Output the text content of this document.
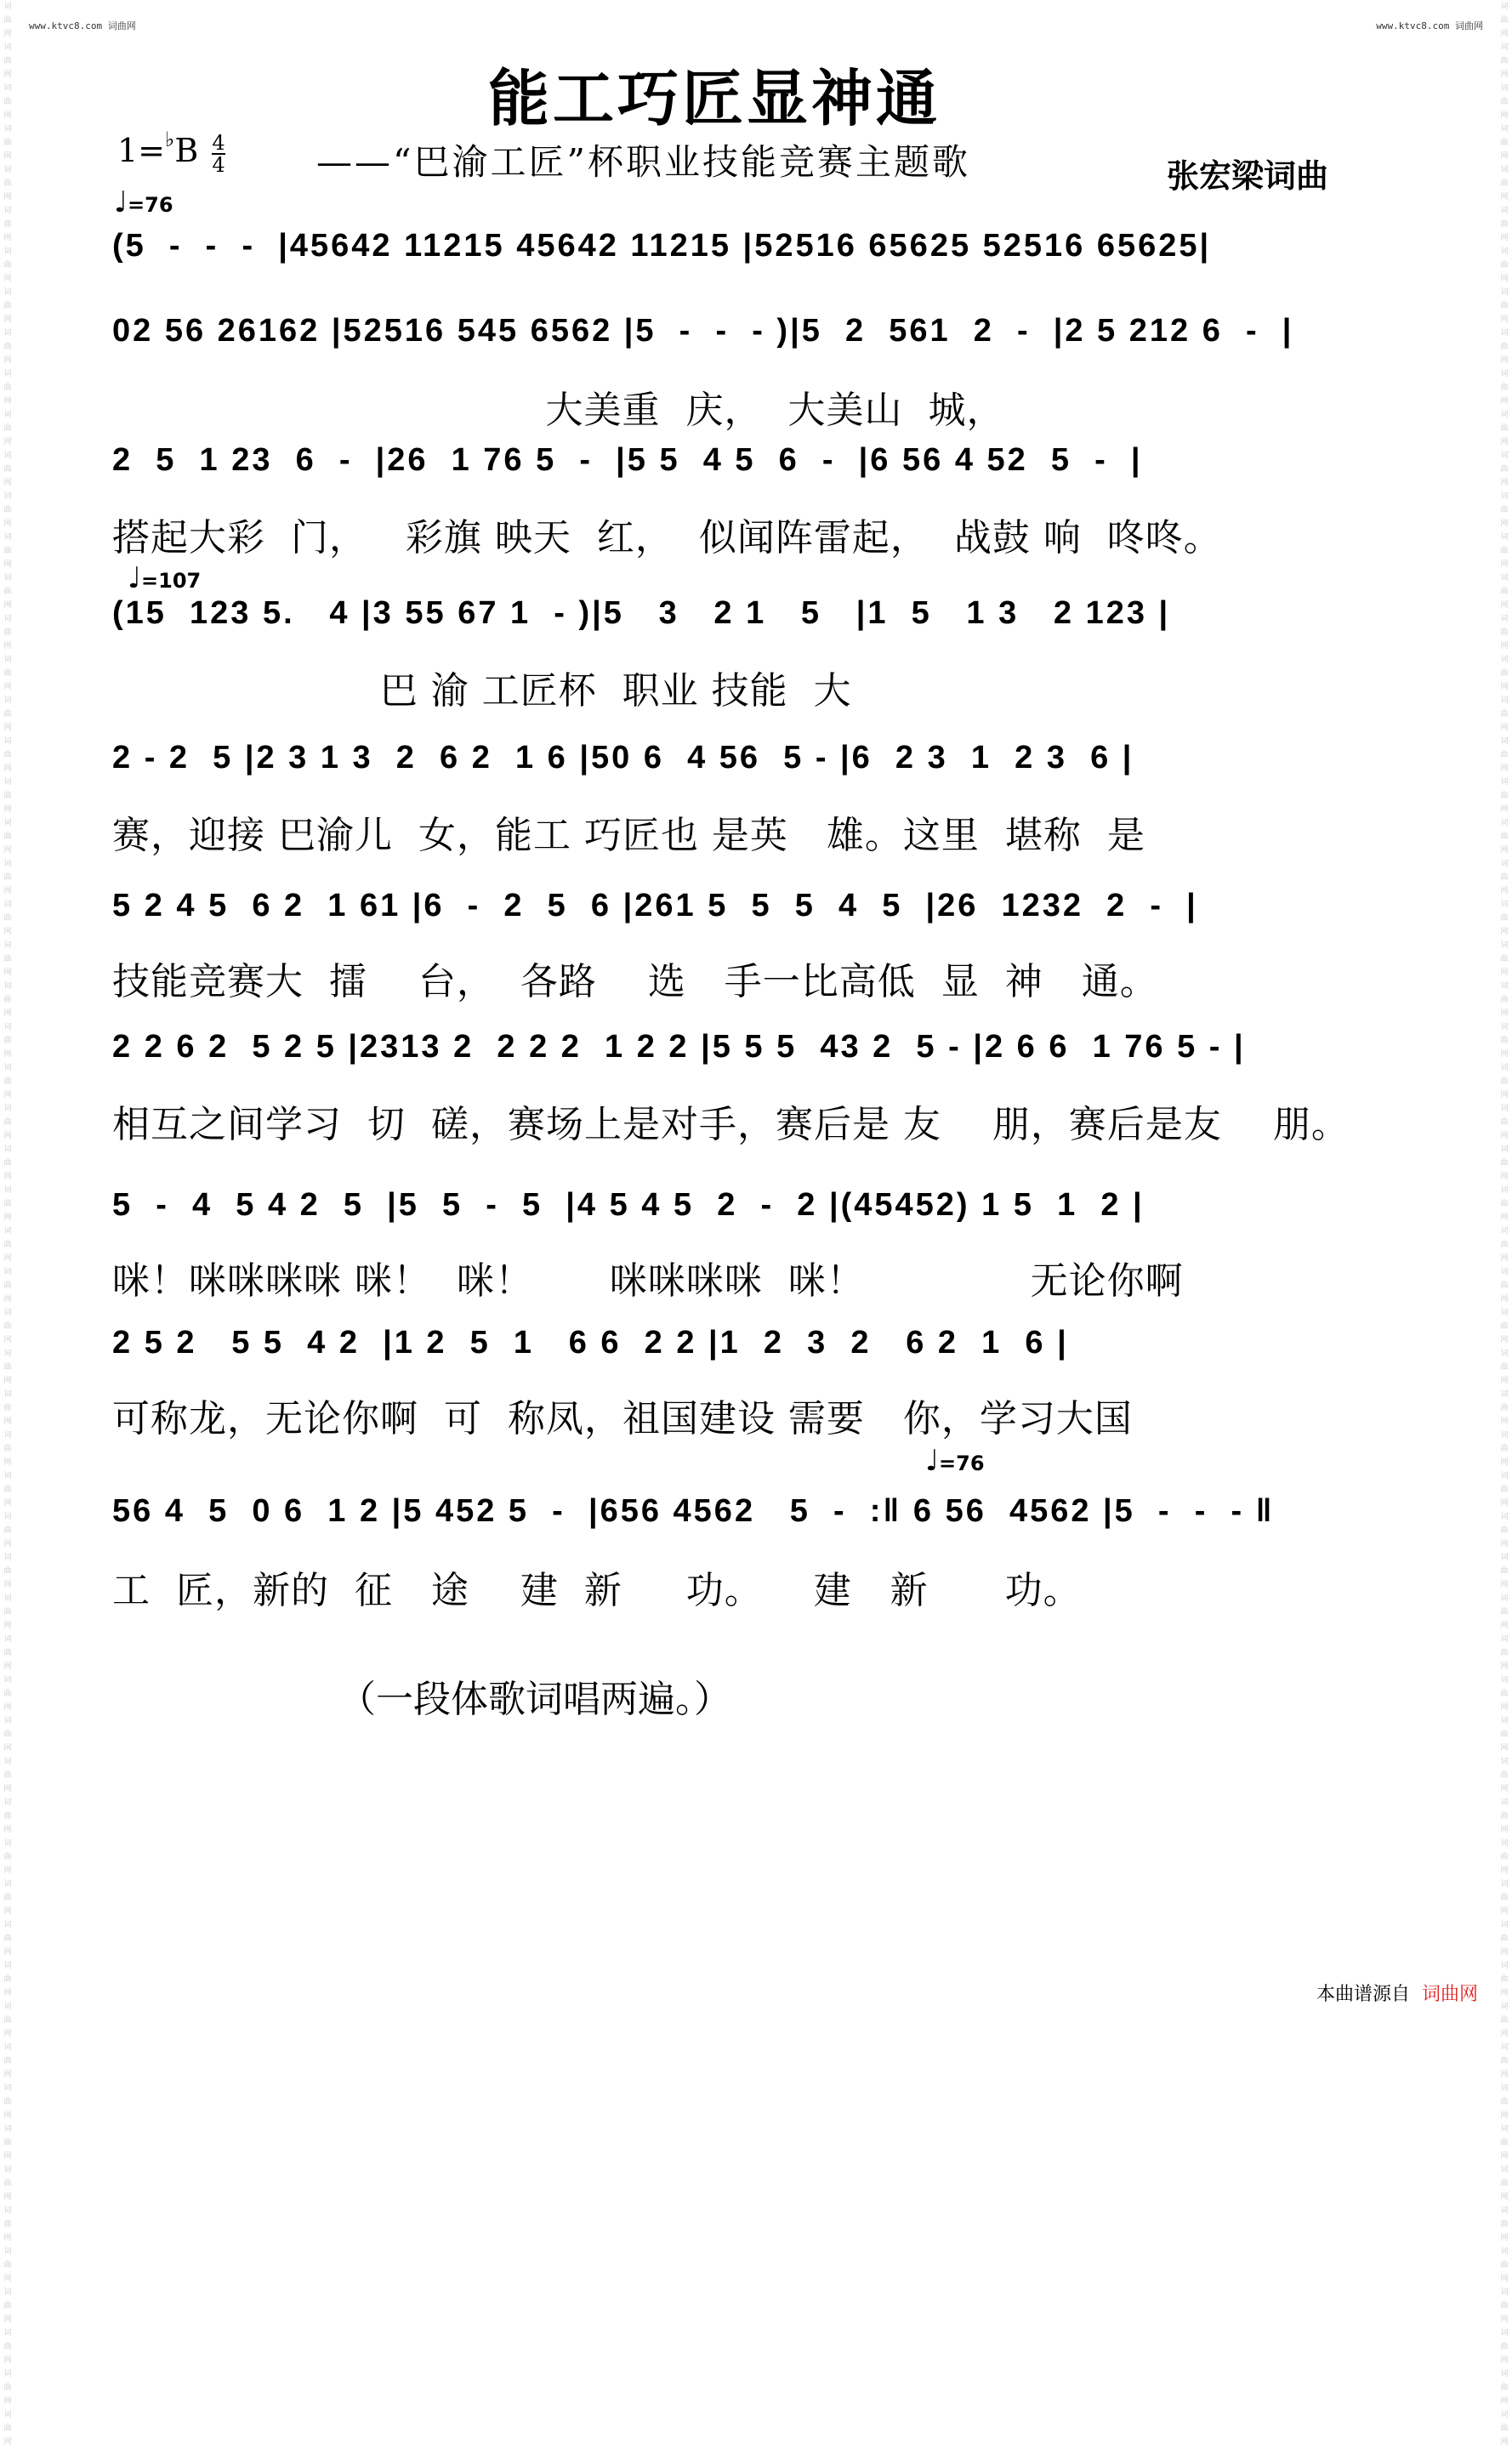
词曲网 词曲网 词曲网 词曲网 词曲网 词曲网 词曲网 词曲网 词曲网 词曲网 词曲网 词曲网 词曲网 词曲网 词曲网 词曲网 词曲网 词曲网 词曲网 词曲网 词曲网 词曲网 词曲网 词曲网 词曲网 词曲网 词曲网 词曲网 词曲网 词曲网 词曲网 词曲网 词曲网 词曲网 词曲网 词曲网 词曲网 词曲网 词曲网 词曲网 词曲网 词曲网 词曲网 词曲网 词曲网 词曲网 词曲网 词曲网 词曲网 词曲网 词曲网 词曲网 词曲网 词曲网 词曲网 词曲网 词曲网 词曲网 词曲网 词曲网
词曲网 词曲网 词曲网 词曲网 词曲网 词曲网 词曲网 词曲网 词曲网 词曲网 词曲网 词曲网 词曲网 词曲网 词曲网 词曲网 词曲网 词曲网 词曲网 词曲网 词曲网 词曲网 词曲网 词曲网 词曲网 词曲网 词曲网 词曲网 词曲网 词曲网 词曲网 词曲网 词曲网 词曲网 词曲网 词曲网 词曲网 词曲网 词曲网 词曲网 词曲网 词曲网 词曲网 词曲网 词曲网 词曲网 词曲网 词曲网 词曲网 词曲网 词曲网 词曲网 词曲网 词曲网 词曲网 词曲网 词曲网 词曲网 词曲网 词曲网
www.ktvc8.com 词曲网	www.ktvc8.com 词曲网
能工巧匠显神通
$1=^♭B \frac{4}{4}$	——“巴渝工匠”杯职业技能竞赛主题歌	张宏梁词曲
♩=76
♩=107
♩=76
(5  -  -  -  |45642 11215 45642 11215 |52516 65625 52516 65625|
02 56 26162 |52516 545 6562 |5  -  -  - )|5  2  561  2  -  |2 5 212 6  -  |
大美重  庆，  大美山  城，
2  5  1 23  6  -  |26  1 76 5  -  |5 5  4 5  6  -  |6 56 4 52  5  -  |
搭起大彩  门，   彩旗 映天  红，  似闻阵雷起，  战鼓 响  咚咚。
(15  123 5.   4 |3 55 67 1  - )|5   3   2 1   5   |1  5   1 3   2 123 |
巴 渝 工匠杯  职业 技能  大
2 - 2  5 |2 3 1 3  2  6 2  1 6 |50 6  4 56  5 - |6  2 3  1  2 3  6 |
赛，迎接 巴渝儿  女，能工 巧匠也 是英   雄。这里  堪称  是
5 2 4 5  6 2  1 61 |6  -  2  5  6 |261 5  5  5  4  5  |26  1232  2  -  |
技能竞赛大  擂    台，  各路    选   手一比高低  显  神   通。
2 2 6 2  5 2 5 |2313 2  2 2 2  1 2 2 |5 5 5  43 2  5 - |2 6 6  1 76 5 - |
相互之间学习  切  磋，赛场上是对手，赛后是 友    朋，赛后是友    朋。
5  -  4  5 4 2  5  |5  5  -  5  |4 5 4 5  2  -  2 |(45452) 1 5  1  2 |
咪！咪咪咪咪 咪！  咪！      咪咪咪咪  咪！             无论你啊
2 5 2   5 5  4 2  |1 2  5  1   6 6  2 2 |1  2  3  2   6 2  1  6 |
可称龙，无论你啊  可  称凤，祖国建设 需要   你，学习大国
56 4  5  0 6  1 2 |5 452 5  -  |656 4562   5  -  :‖ 6 56  4562 |5  -  -  - ‖
工  匠，新的  征   途    建  新     功。    建   新      功。
（一段体歌词唱两遍。）
本曲谱源自 词曲网
